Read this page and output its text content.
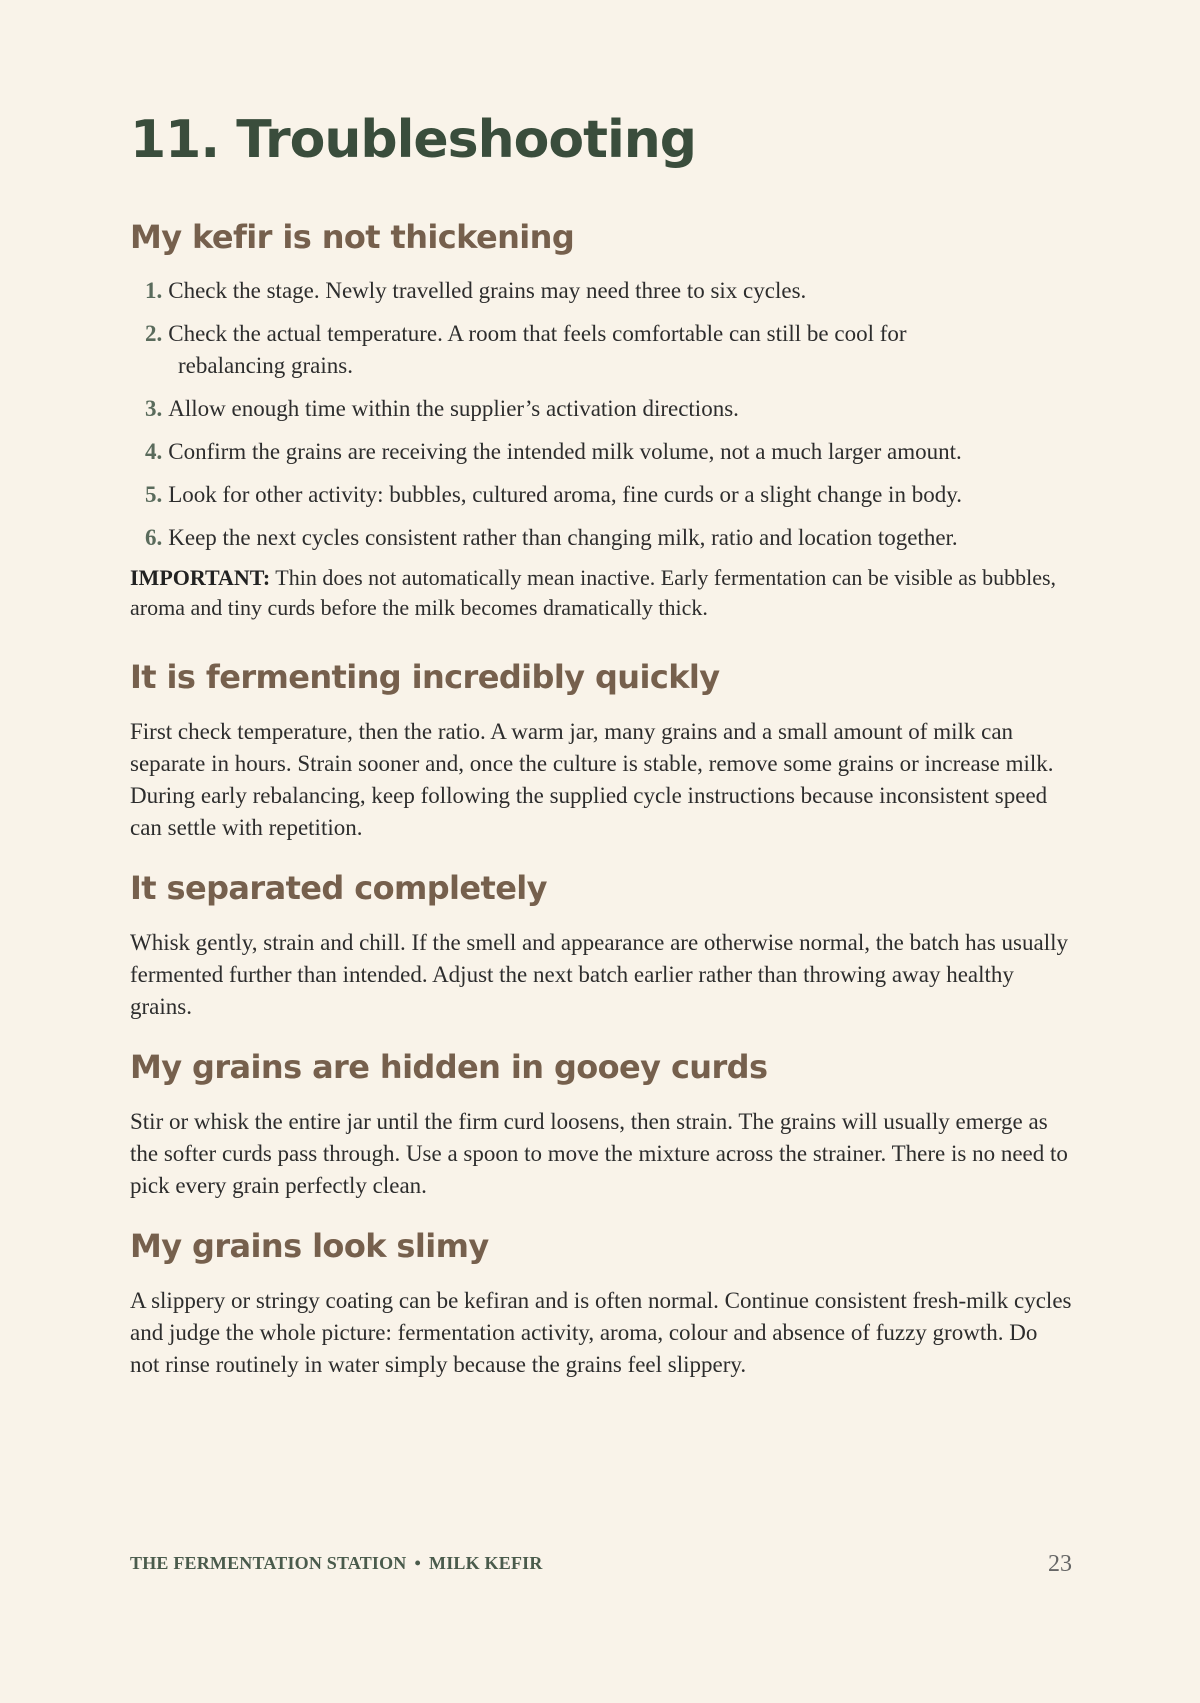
11. Troubleshooting
My kefir is not thickening
1. Check the stage. Newly travelled grains may need three to six cycles.
2. Check the actual temperature. A room that feels comfortable can still be cool for
rebalancing grains.
3. Allow enough time within the supplier’s activation directions.
4. Confirm the grains are receiving the intended milk volume, not a much larger amount.
5. Look for other activity: bubbles, cultured aroma, fine curds or a slight change in body.
6. Keep the next cycles consistent rather than changing milk, ratio and location together.
IMPORTANT: Thin does not automatically mean inactive. Early fermentation can be visible as bubbles, aroma and tiny curds before the milk becomes dramatically thick.
It is fermenting incredibly quickly

First check temperature, then the ratio. A warm jar, many grains and a small amount of milk can separate in hours. Strain sooner and, once the culture is stable, remove some grains or increase milk. During early rebalancing, keep following the supplied cycle instructions because inconsistent speed can settle with repetition.

It separated completely

Whisk gently, strain and chill. If the smell and appearance are otherwise normal, the batch has usually fermented further than intended. Adjust the next batch earlier rather than throwing away healthy grains.

My grains are hidden in gooey curds

Stir or whisk the entire jar until the firm curd loosens, then strain. The grains will usually emerge as the softer curds pass through. Use a spoon to move the mixture across the strainer. There is no need to pick every grain perfectly clean.

My grains look slimy

A slippery or stringy coating can be kefiran and is often normal. Continue consistent fresh-milk cycles and judge the whole picture: fermentation activity, aroma, colour and absence of fuzzy growth. Do not rinse routinely in water simply because the grains feel slippery.

THE FERMENTATION STATION • MILK KEFIR	23
